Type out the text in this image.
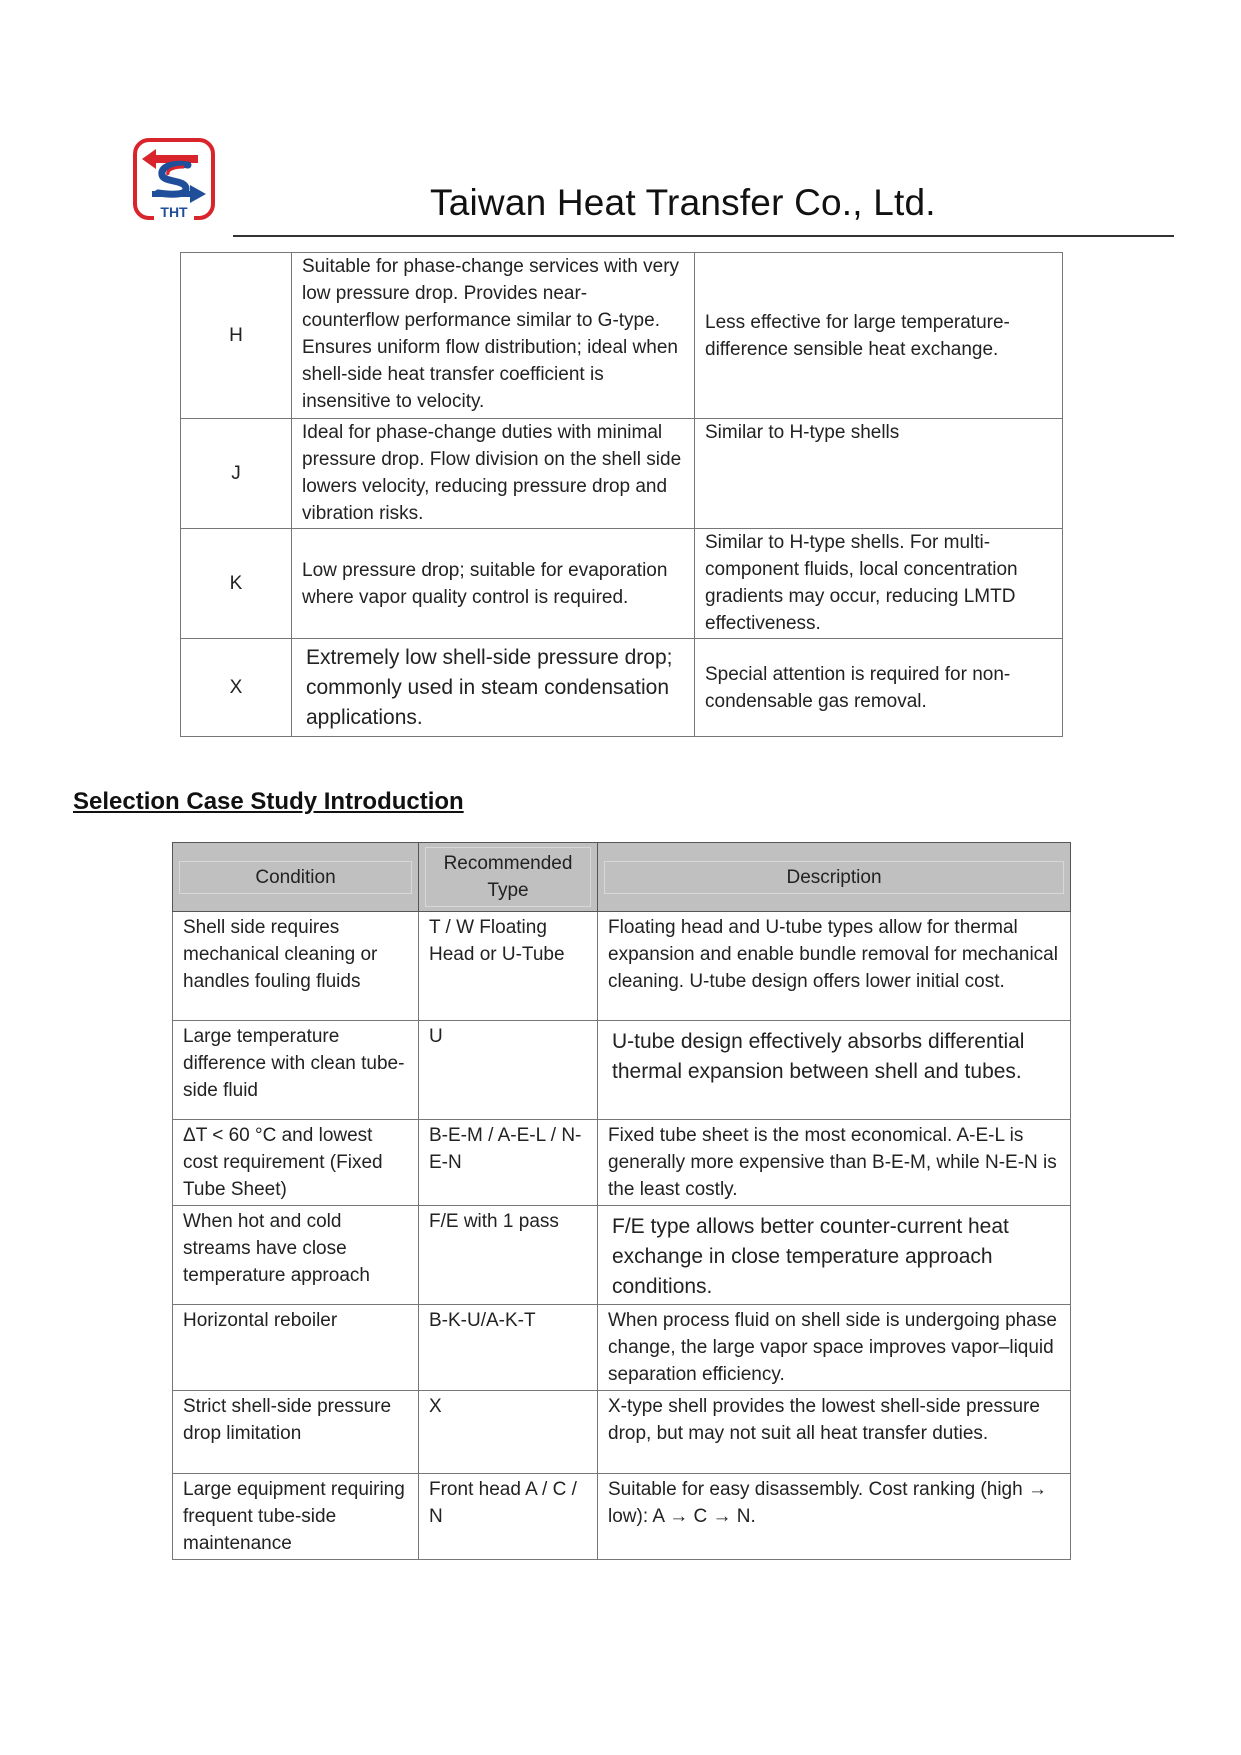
THT	Taiwan Heat Transfer Co., Ltd.
H	Suitable for phase-change services with very low pressure drop. Provides near-counterflow performance similar to G-type. Ensures uniform flow distribution; ideal when shell-side heat transfer coefficient is insensitive to velocity.	Less effective for large temperature-difference sensible heat exchange.
J	Ideal for phase-change duties with minimal pressure drop. Flow division on the shell side lowers velocity, reducing pressure drop and vibration risks.	Similar to H-type shells
K	Low pressure drop; suitable for evaporation where vapor quality control is required.	Similar to H-type shells. For multi-component fluids, local concentration gradients may occur, reducing LMTD effectiveness.
X	Extremely low shell-side pressure drop; commonly used in steam condensation applications.	Special attention is required for non-condensable gas removal.
Selection Case Study Introduction
Condition	Recommended Type	Description

Shell side requires mechanical cleaning or handles fouling fluids	T / W Floating Head or U-Tube	Floating head and U-tube types allow for thermal expansion and enable bundle removal for mechanical cleaning. U-tube design offers lower initial cost.
Large temperature difference with clean tube-side fluid	U	U-tube design effectively absorbs differential thermal expansion between shell and tubes.
ΔT < 60 °C and lowest cost requirement (Fixed Tube Sheet)	B-E-M / A-E-L / N-E-N	Fixed tube sheet is the most economical. A-E-L is generally more expensive than B-E-M, while N-E-N is the least costly.
When hot and cold streams have close temperature approach	F/E with 1 pass	F/E type allows better counter-current heat exchange in close temperature approach conditions.
Horizontal reboiler	B-K-U/A-K-T	When process fluid on shell side is undergoing phase change, the large vapor space improves vapor–liquid separation efficiency.
Strict shell-side pressure drop limitation	X	X-type shell provides the lowest shell-side pressure drop, but may not suit all heat transfer duties.
Large equipment requiring frequent tube-side maintenance	Front head A / C / N	Suitable for easy disassembly. Cost ranking (high → low): A → C → N.
